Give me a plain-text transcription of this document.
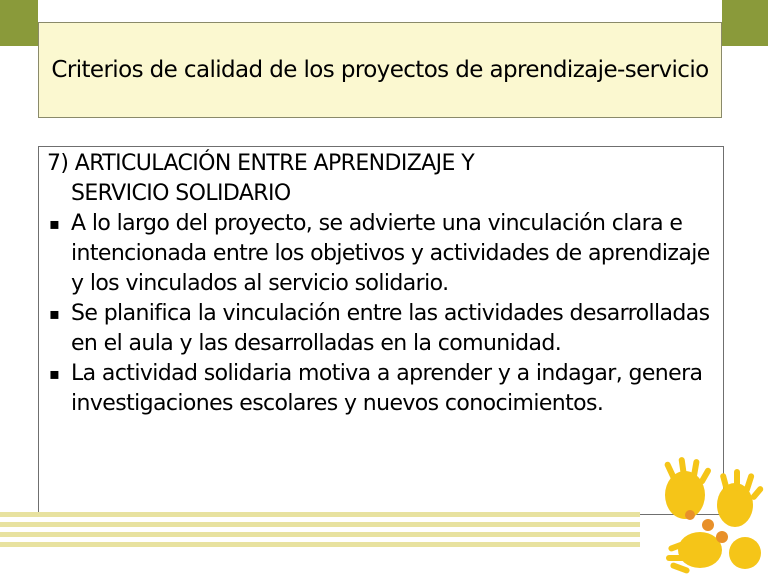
Criterios de calidad de los proyectos de aprendizaje-servicio

7) ARTICULACIÓN ENTRE APRENDIZAJE Y
SERVICIO SOLIDARIO

▪ A lo largo del proyecto, se advierte una vinculación clara e intencionada entre los objetivos y actividades de aprendizaje y los vinculados al servicio solidario.
▪ Se planifica la vinculación entre las actividades desarrolladas en el aula y las desarrolladas en la comunidad.
▪ La actividad solidaria motiva a aprender y a indagar, genera investigaciones escolares y nuevos conocimientos.
